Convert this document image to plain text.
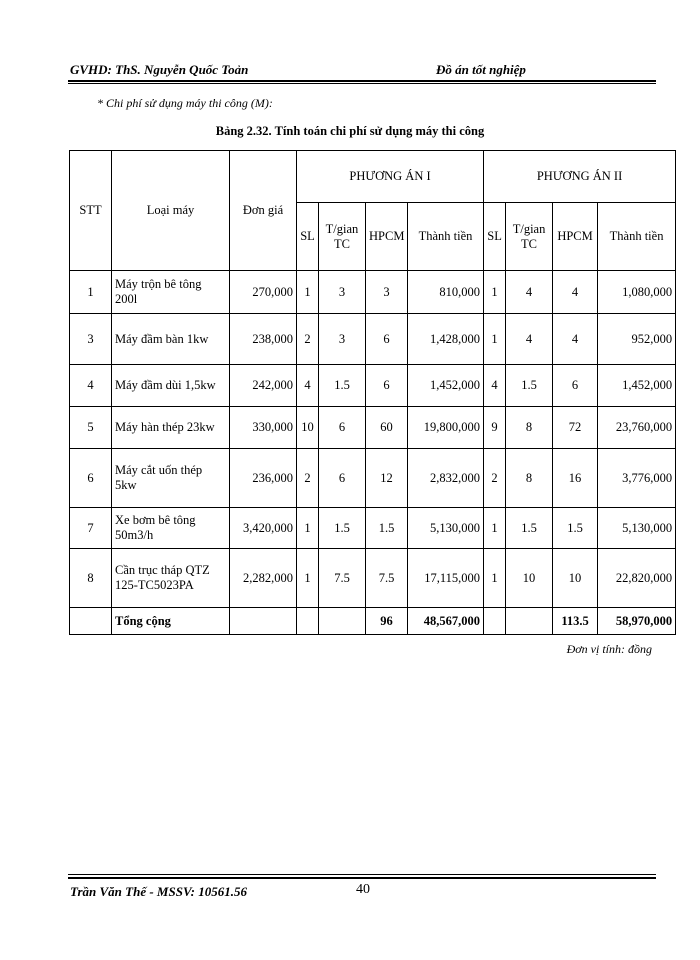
GVHD: ThS. Nguyễn Quốc Toản	Đồ án tốt nghiệp
* Chi phí sử dụng máy thi công (M):
Bảng 2.32. Tính toán chi phí sử dụng máy thi công
STT	Loại máy	Đơn giá	PHƯƠNG ÁN I				PHƯƠNG ÁN II			
			SL	T/gian TC	HPCM	Thành tiền	SL	T/gian TC	HPCM	Thành tiền
1	Máy trộn bê tông 200l	270,000	1	3	3	810,000	1	4	4	1,080,000
3	Máy đầm bàn 1kw	238,000	2	3	6	1,428,000	1	4	4	952,000
4	Máy đầm dùi 1,5kw	242,000	4	1.5	6	1,452,000	4	1.5	6	1,452,000
5	Máy hàn thép 23kw	330,000	10	6	60	19,800,000	9	8	72	23,760,000
6	Máy cắt uốn thép 5kw	236,000	2	6	12	2,832,000	2	8	16	3,776,000
7	Xe bơm bê tông 50m3/h	3,420,000	1	1.5	1.5	5,130,000	1	1.5	1.5	5,130,000
8	Cần trục tháp QTZ 125-TC5023PA	2,282,000	1	7.5	7.5	17,115,000	1	10	10	22,820,000
	Tổng cộng				96	48,567,000			113.5	58,970,000
Đơn vị tính: đồng
Trần Văn Thế - MSSV: 10561.56	40
